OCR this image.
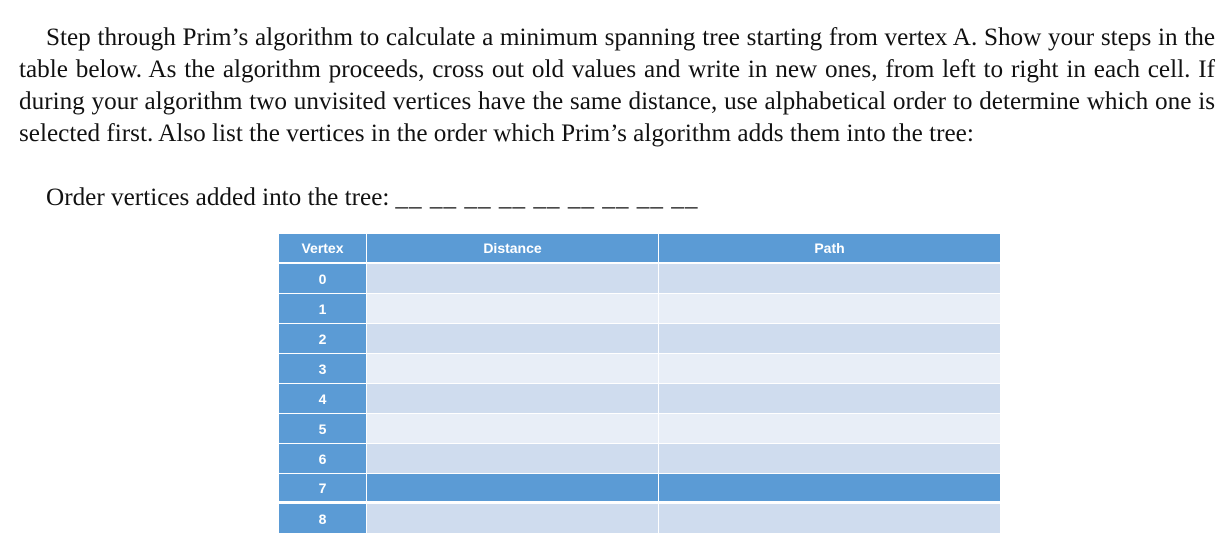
Step through Prim’s algorithm to calculate a minimum spanning tree starting from vertex A. Show your steps in the table below. As the algorithm proceeds, cross out old values and write in new ones, from left to right in each cell. If during your algorithm two unvisited vertices have the same distance, use alphabetical order to determine which one is selected first. Also list the vertices in the order which Prim’s algorithm adds them into the tree:

Order vertices added into the tree: __ __ __ __ __ __ __ __ __
Vertex	Distance	Path
0
1
2
3
4
5
6
7
8
